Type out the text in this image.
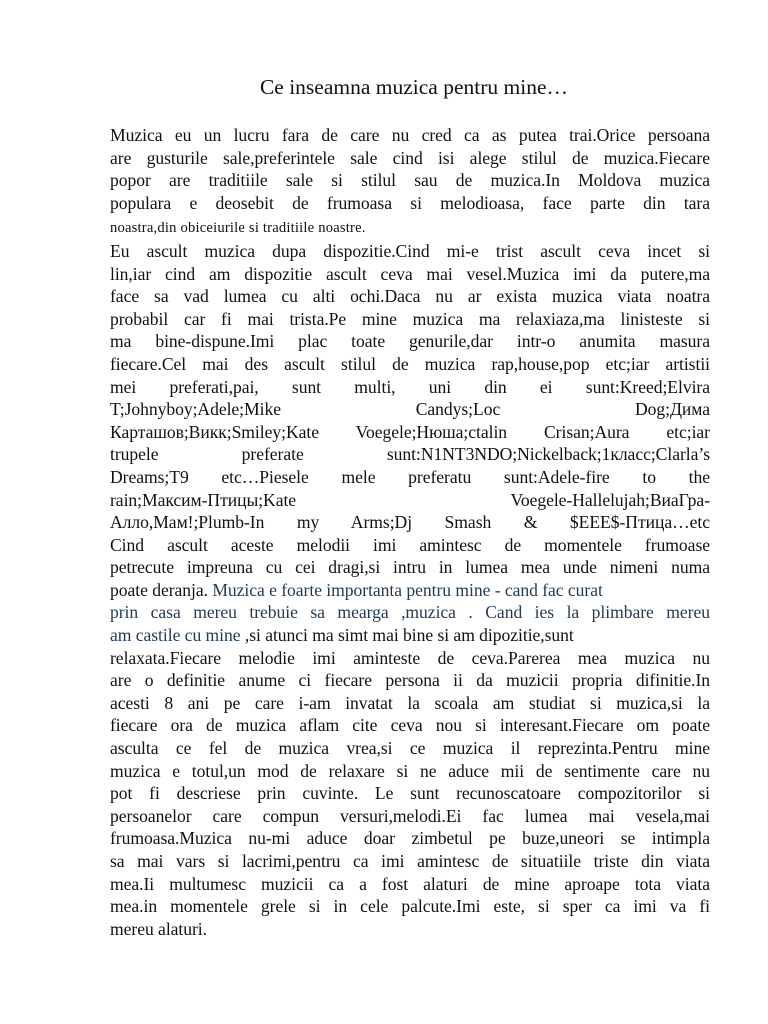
Ce inseamna muzica pentru mine…
Muzica eu un lucru fara de care nu cred ca as putea trai.Orice persoana
are gusturile sale,preferintele sale cind isi alege stilul de muzica.Fiecare
popor are traditiile sale si stilul sau de muzica.In Moldova muzica
populara e deosebit de frumoasa si melodioasa, face parte din tara
noastra,din obiceiurile si traditiile noastre.
Eu ascult muzica dupa dispozitie.Cind mi-e trist ascult ceva incet si
lin,iar cind am dispozitie ascult ceva mai vesel.Muzica imi da putere,ma
face sa vad lumea cu alti ochi.Daca nu ar exista muzica viata noatra
probabil car fi mai trista.Pe mine muzica ma relaxiaza,ma linisteste si
ma bine-dispune.Imi plac toate genurile,dar intr-o anumita masura
fiecare.Cel mai des ascult stilul de muzica rap,house,pop etc;iar artistii
mei preferati,pai, sunt multi, uni din ei sunt:Kreed;Elvira
T;Johnyboy;Adele;Mike Candys;Loc Dog;Дима
Карташов;Викк;Smiley;Kate Voegele;Нюша;ctalin Crisan;Aura etc;iar
trupele preferate sunt:N1NT3NDO;Nickelback;1класс;Clarla’s
Dreams;T9 etc…Piesele mele preferatu sunt:Adele-fire to the
rain;Максим-Птицы;Kate Voegele-Hallelujah;ВиаГра-
Алло,Мам!;Plumb-In my Arms;Dj Smash & $EEE$-Птица…etc
Cind ascult aceste melodii imi amintesc de momentele frumoase
petrecute impreuna cu cei dragi,si intru in lumea mea unde nimeni numa
poate deranja. Muzica e foarte importanta pentru mine - cand fac curat
prin casa mereu trebuie sa mearga ,muzica . Cand ies la plimbare mereu
am castile cu mine ,si atunci ma simt mai bine si am dipozitie,sunt
relaxata.Fiecare melodie imi aminteste de ceva.Parerea mea muzica nu
are o definitie anume ci fiecare persona ii da muzicii propria difinitie.In
acesti 8 ani pe care i-am invatat la scoala am studiat si muzica,si la
fiecare ora de muzica aflam cite ceva nou si interesant.Fiecare om poate
asculta ce fel de muzica vrea,si ce muzica il reprezinta.Pentru mine
muzica e totul,un mod de relaxare si ne aduce mii de sentimente care nu
pot fi descriese prin cuvinte. Le sunt recunoscatoare compozitorilor si
persoanelor care compun versuri,melodi.Ei fac lumea mai vesela,mai
frumoasa.Muzica nu-mi aduce doar zimbetul pe buze,uneori se intimpla
sa mai vars si lacrimi,pentru ca imi amintesc de situatiile triste din viata
mea.Ii multumesc muzicii ca a fost alaturi de mine aproape tota viata
mea.in momentele grele si in cele palcute.Imi este, si sper ca imi va fi
mereu alaturi.
